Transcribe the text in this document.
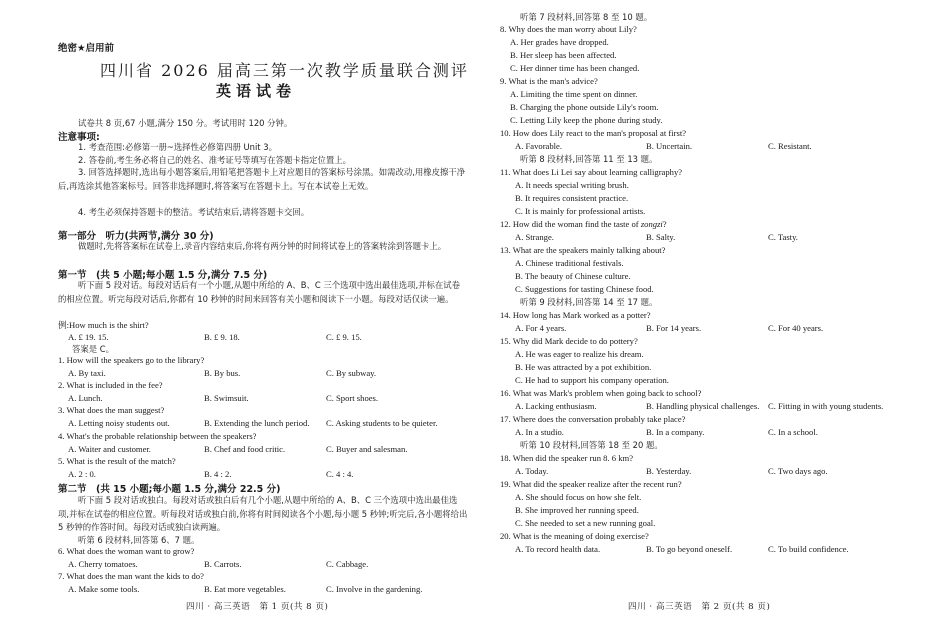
绝密★启用前
四川省 2026 届高三第一次教学质量联合测评
英语试卷
试卷共 8 页,67 小题,满分 150 分。考试用时 120 分钟。
注意事项:
1. 考查范围:必修第一册~选择性必修第四册 Unit 3。
2. 答卷前,考生务必将自己的姓名、准考证号等填写在答题卡指定位置上。
3. 回答选择题时,选出每小题答案后,用铅笔把答题卡上对应题目的答案标号涂黑。如需改动,用橡皮擦干净后,再选涂其他答案标号。回答非选择题时,将答案写在答题卡上。写在本试卷上无效。
4. 考生必须保持答题卡的整洁。考试结束后,请将答题卡交回。
第一部分　听力(共两节,满分 30 分)
做题时,先将答案标在试卷上,录音内容结束后,你将有两分钟的时间将试卷上的答案转涂到答题卡上。
第一节　(共 5 小题;每小题 1.5 分,满分 7.5 分)
听下面 5 段对话。每段对话后有一个小题,从题中所给的 A、B、C 三个选项中选出最佳选项,并标在试卷的相应位置。听完每段对话后,你都有 10 秒钟的时间来回答有关小题和阅读下一小题。每段对话仅读一遍。
例:How much is the shirt?
A. £ 19. 15.	B. £ 9. 18.	C. £ 9. 15.
答案是 C。
1. How will the speakers go to the library?
A. By taxi.	B. By bus.	C. By subway.
2. What is included in the fee?
A. Lunch.	B. Swimsuit.	C. Sport shoes.
3. What does the man suggest?
A. Letting noisy students out.	B. Extending the lunch period. C. Asking students to be quieter.
4. What's the probable relationship between the speakers?
A. Waiter and customer.	B. Chef and food critic.	C. Buyer and salesman.
5. What is the result of the match?
A. 2 : 0.	B. 4 : 2.	C. 4 : 4.
第二节　(共 15 小题;每小题 1.5 分,满分 22.5 分)
听下面 5 段对话或独白。每段对话或独白后有几个小题,从题中所给的 A、B、C 三个选项中选出最佳选项,并标在试卷的相应位置。听每段对话或独白前,你将有时间阅读各个小题,每小题 5 秒钟;听完后,各小题将给出 5 秒钟的作答时间。每段对话或独白读两遍。
听第 6 段材料,回答第 6、7 题。
6. What does the woman want to grow?
A. Cherry tomatoes.	B. Carrots.	C. Cabbage.
7. What does the man want the kids to do?
A. Make some tools.	B. Eat more vegetables.	C. Involve in the gardening.
四川 · 高三英语　第 1 页(共 8 页)
听第 7 段材料,回答第 8 至 10 题。
8. Why does the man worry about Lily?
A. Her grades have dropped.
B. Her sleep has been affected.
C. Her dinner time has been changed.
9. What is the man's advice?
A. Limiting the time spent on dinner.
B. Charging the phone outside Lily's room.
C. Letting Lily keep the phone during study.
10. How does Lily react to the man's proposal at first?
A. Favorable.	B. Uncertain.	C. Resistant.
听第 8 段材料,回答第 11 至 13 题。
11. What does Li Lei say about learning calligraphy?
A. It needs special writing brush.
B. It requires consistent practice.
C. It is mainly for professional artists.
12. How did the woman find the taste of zongzi?
A. Strange.	B. Salty.	C. Tasty.
13. What are the speakers mainly talking about?
A. Chinese traditional festivals.
B. The beauty of Chinese culture.
C. Suggestions for tasting Chinese food.
听第 9 段材料,回答第 14 至 17 题。
14. How long has Mark worked as a potter?
A. For 4 years.	B. For 14 years.	C. For 40 years.
15. Why did Mark decide to do pottery?
A. He was eager to realize his dream.
B. He was attracted by a pot exhibition.
C. He had to support his company operation.
16. What was Mark's problem when going back to school?
A. Lacking enthusiasm.	B. Handling physical challenges. C. Fitting in with young students.
17. Where does the conversation probably take place?
A. In a studio.	B. In a company.	C. In a school.
听第 10 段材料,回答第 18 至 20 题。
18. When did the speaker run 8. 6 km?
A. Today.	B. Yesterday.	C. Two days ago.
19. What did the speaker realize after the recent run?
A. She should focus on how she felt.
B. She improved her running speed.
C. She needed to set a new running goal.
20. What is the meaning of doing exercise?
A. To record health data.	B. To go beyond oneself.	C. To build confidence.
四川 · 高三英语　第 2 页(共 8 页)
